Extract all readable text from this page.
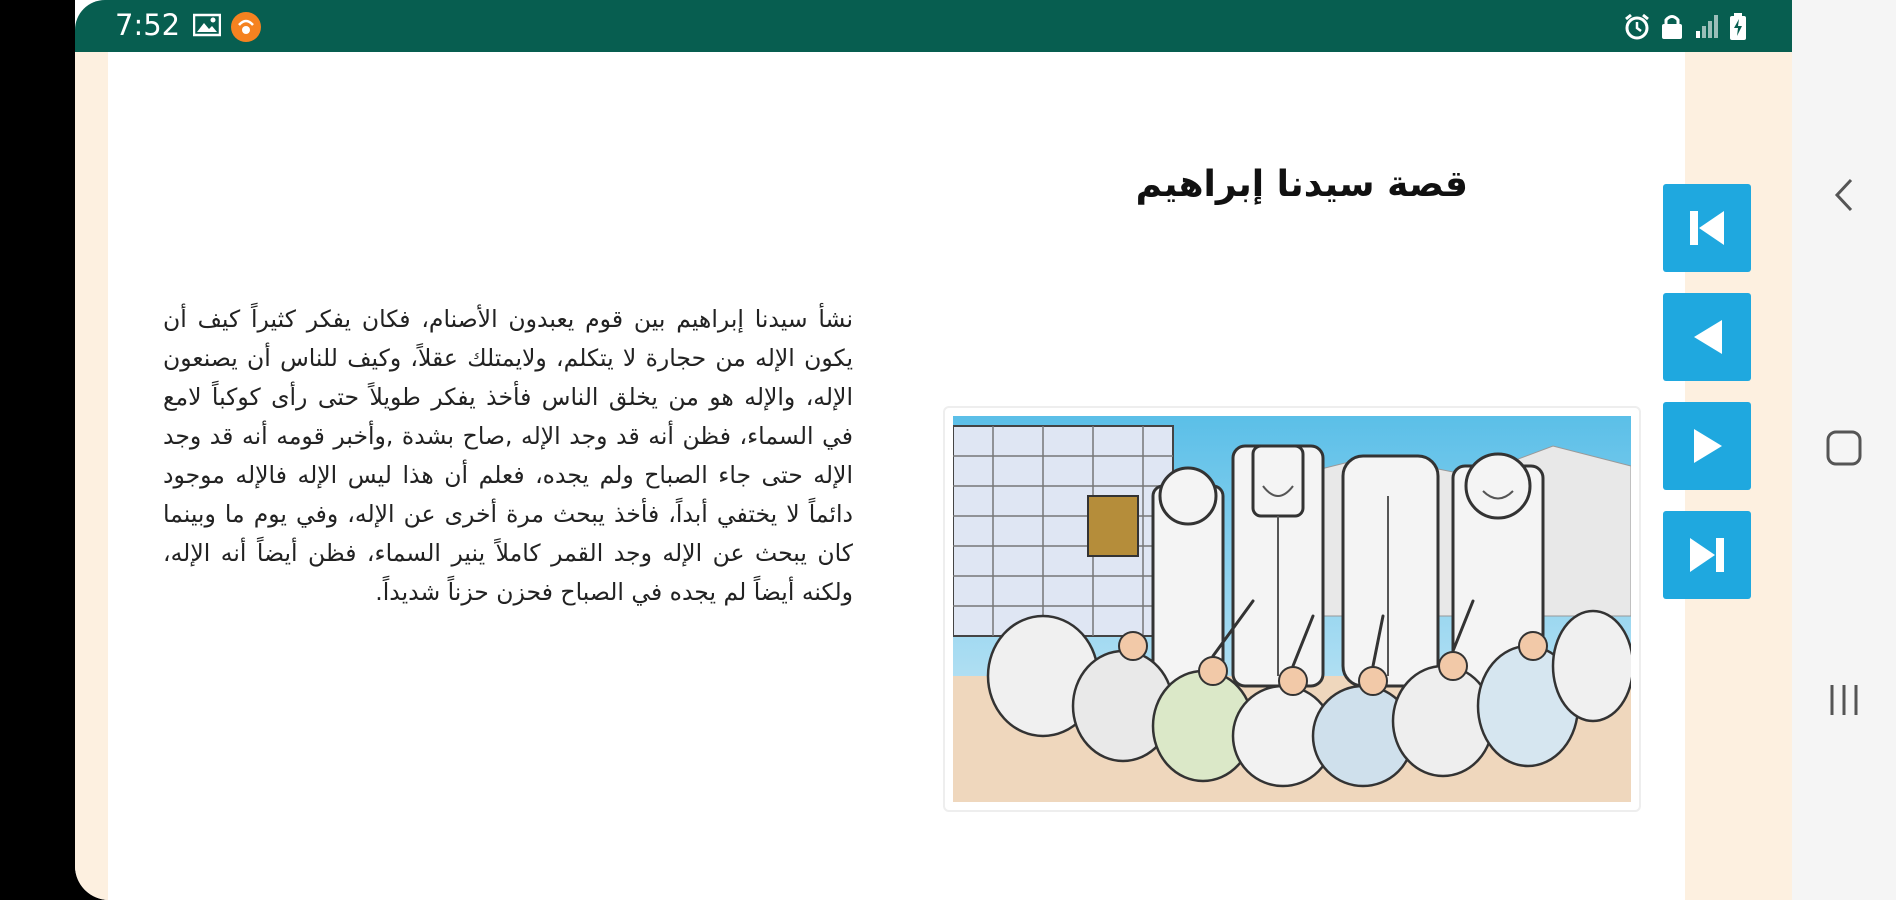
7:52
قصة سيدنا إبراهيم
نشأ سيدنا إبراهيم بين قوم يعبدون الأصنام، فكان يفكر كثيراً كيف أن يكون الإله من حجارة لا يتكلم، ولايمتلك عقلاً، وكيف للناس أن يصنعون الإله، والإله هو من يخلق الناس فأخذ يفكر طويلاً حتى رأى كوكباً لامع في السماء، فظن أنه قد وجد الإله ,صاح بشدة ,وأخبر قومه أنه قد وجد الإله حتى جاء الصباح ولم يجده، فعلم أن هذا ليس الإله فالإله موجود دائماً لا يختفي أبداً، فأخذ يبحث مرة أخرى عن الإله، وفي يوم ما وبينما كان يبحث عن الإله وجد القمر كاملاً ينير السماء، فظن أيضاً أنه الإله، ولكنه أيضاً لم يجده في الصباح فحزن حزناً شديداً.
